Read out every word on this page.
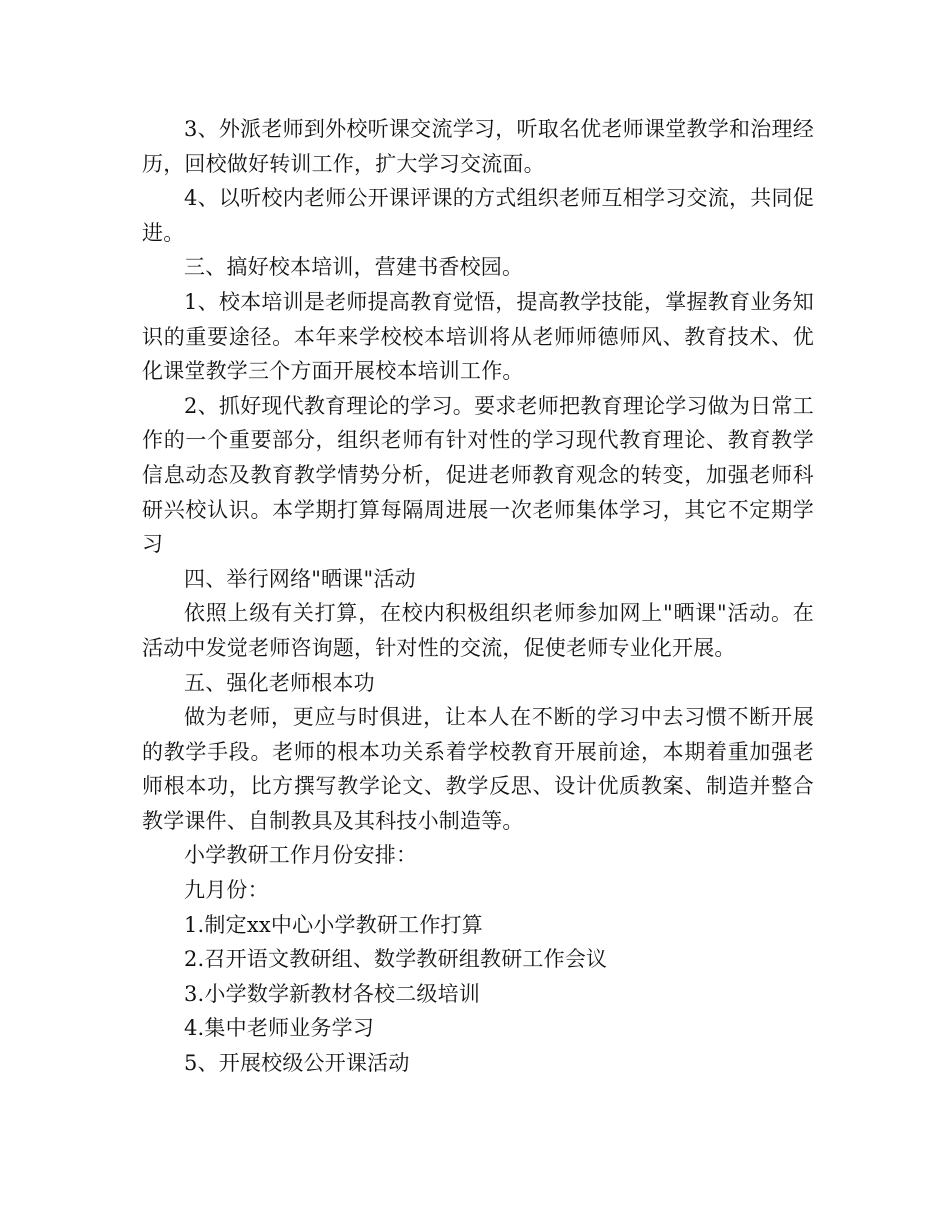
3、外派老师到外校听课交流学习，听取名优老师课堂教学和治理经历，回校做好转训工作，扩大学习交流面。

4、以听校内老师公开课评课的方式组织老师互相学习交流，共同促进。

三、搞好校本培训，营建书香校园。

1、校本培训是老师提高教育觉悟，提高教学技能，掌握教育业务知识的重要途径。本年来学校校本培训将从老师师德师风、教育技术、优化课堂教学三个方面开展校本培训工作。

2、抓好现代教育理论的学习。要求老师把教育理论学习做为日常工作的一个重要部分，组织老师有针对性的学习现代教育理论、教育教学信息动态及教育教学情势分析，促进老师教育观念的转变，加强老师科研兴校认识。本学期打算每隔周进展一次老师集体学习，其它不定期学习

四、举行网络"晒课"活动

依照上级有关打算，在校内积极组织老师参加网上"晒课"活动。在活动中发觉老师咨询题，针对性的交流，促使老师专业化开展。

五、强化老师根本功

做为老师，更应与时俱进，让本人在不断的学习中去习惯不断开展的教学手段。老师的根本功关系着学校教育开展前途，本期着重加强老师根本功，比方撰写教学论文、教学反思、设计优质教案、制造并整合教学课件、自制教具及其科技小制造等。

小学教研工作月份安排：

九月份：

1.制定xx中心小学教研工作打算
2.召开语文教研组、数学教研组教研工作会议
3.小学数学新教材各校二级培训
4.集中老师业务学习
5、开展校级公开课活动
